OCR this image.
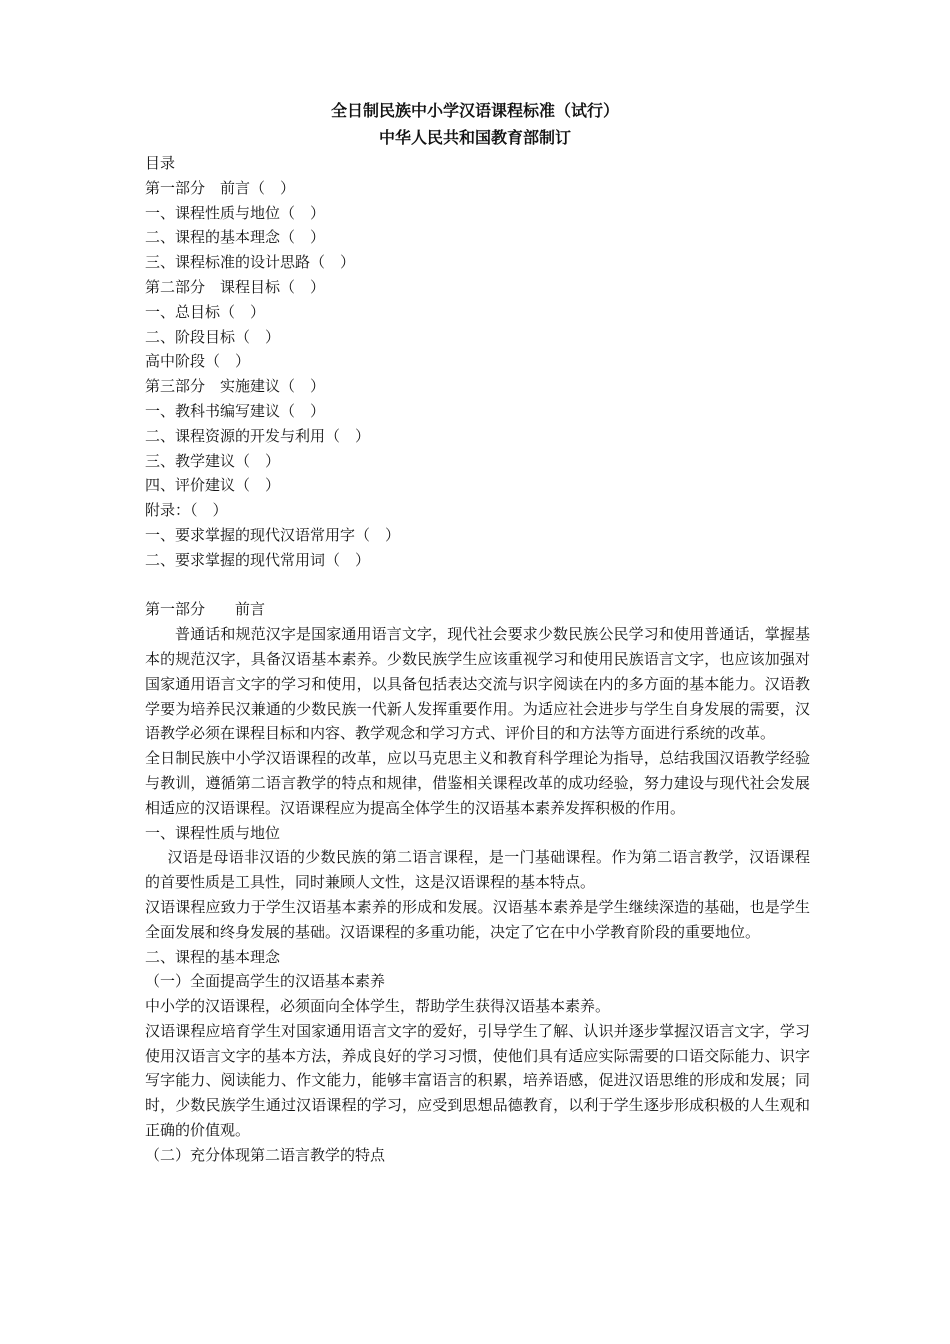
全日制民族中小学汉语课程标准（试行）
中华人民共和国教育部制订
目录
第一部分　前言（　）
一、课程性质与地位（　）
二、课程的基本理念（　）
三、课程标准的设计思路（　）
第二部分　课程目标（　）
一、总目标（　）
二、阶段目标（　）
高中阶段（　）
第三部分　实施建议（　）
一、教科书编写建议（　）
二、课程资源的开发与利用（　）
三、教学建议（　）
四、评价建议（　）
附录：（　）
一、要求掌握的现代汉语常用字（　）
二、要求掌握的现代常用词（　）
第一部分　　前言
普通话和规范汉字是国家通用语言文字，现代社会要求少数民族公民学习和使用普通话，掌握基本的规范汉字，具备汉语基本素养。少数民族学生应该重视学习和使用民族语言文字，也应该加强对国家通用语言文字的学习和使用，以具备包括表达交流与识字阅读在内的多方面的基本能力。汉语教学要为培养民汉兼通的少数民族一代新人发挥重要作用。为适应社会进步与学生自身发展的需要，汉语教学必须在课程目标和内容、教学观念和学习方式、评价目的和方法等方面进行系统的改革。
全日制民族中小学汉语课程的改革，应以马克思主义和教育科学理论为指导，总结我国汉语教学经验与教训，遵循第二语言教学的特点和规律，借鉴相关课程改革的成功经验，努力建设与现代社会发展相适应的汉语课程。汉语课程应为提高全体学生的汉语基本素养发挥积极的作用。
一、课程性质与地位
汉语是母语非汉语的少数民族的第二语言课程，是一门基础课程。作为第二语言教学，汉语课程的首要性质是工具性，同时兼顾人文性，这是汉语课程的基本特点。
汉语课程应致力于学生汉语基本素养的形成和发展。汉语基本素养是学生继续深造的基础，也是学生全面发展和终身发展的基础。汉语课程的多重功能，决定了它在中小学教育阶段的重要地位。
二、课程的基本理念
（一）全面提高学生的汉语基本素养
中小学的汉语课程，必须面向全体学生，帮助学生获得汉语基本素养。
汉语课程应培育学生对国家通用语言文字的爱好，引导学生了解、认识并逐步掌握汉语言文字，学习使用汉语言文字的基本方法，养成良好的学习习惯，使他们具有适应实际需要的口语交际能力、识字写字能力、阅读能力、作文能力，能够丰富语言的积累，培养语感，促进汉语思维的形成和发展；同时，少数民族学生通过汉语课程的学习，应受到思想品德教育，以利于学生逐步形成积极的人生观和正确的价值观。
（二）充分体现第二语言教学的特点
